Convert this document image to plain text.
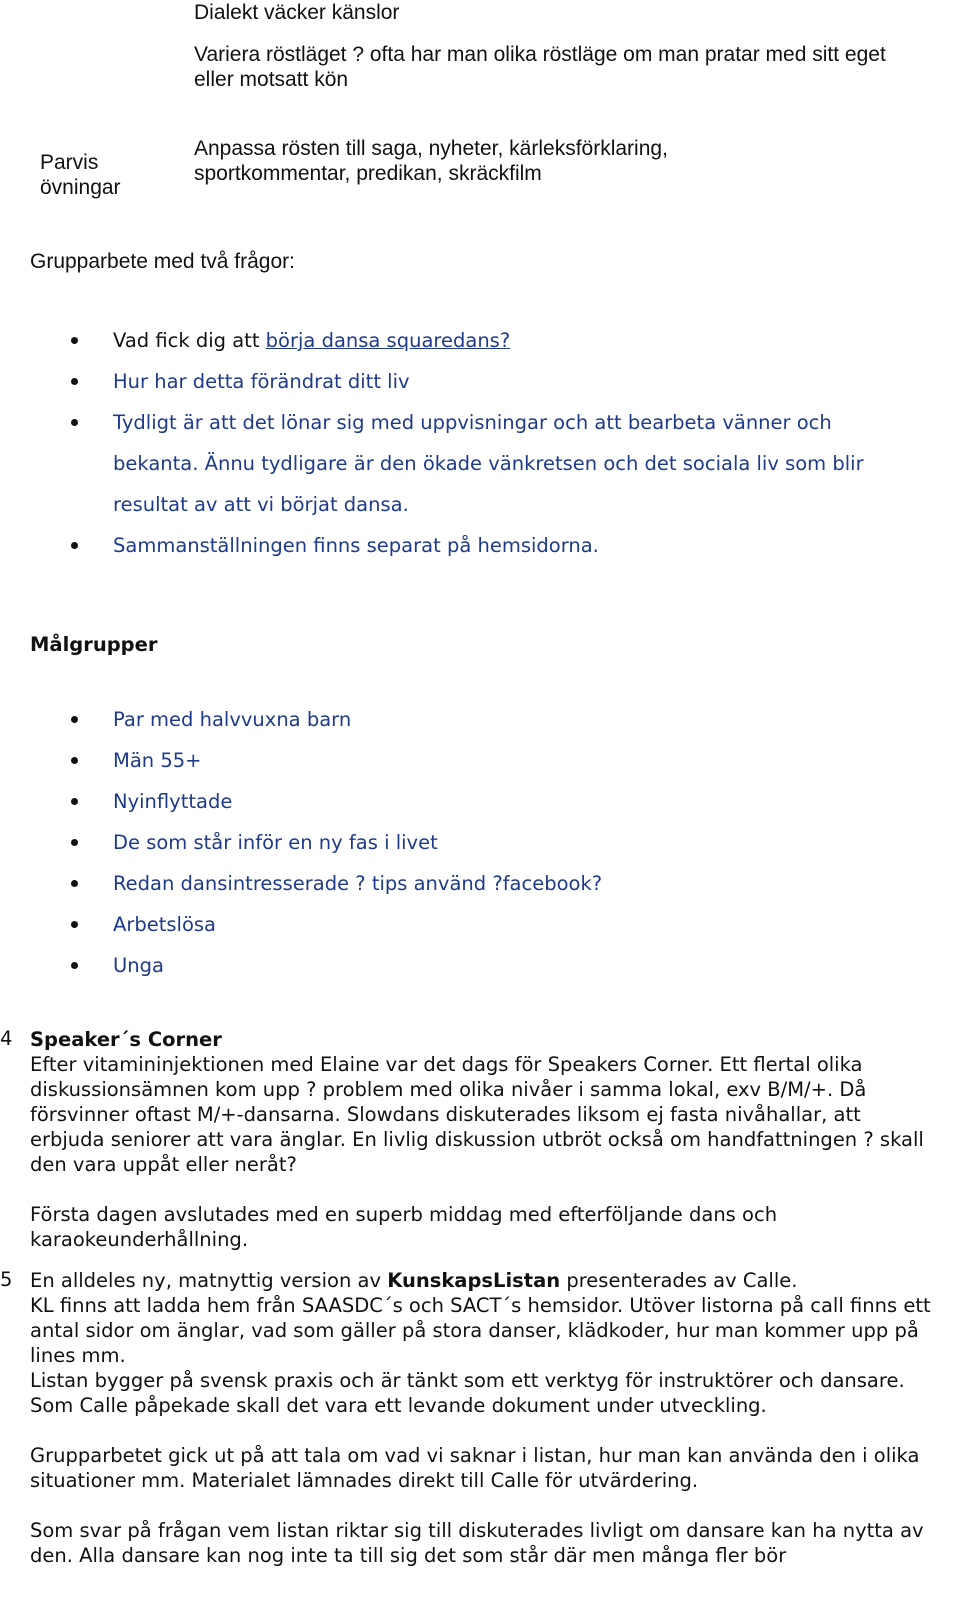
Dialekt väcker känslor
Variera röstläget ? ofta har man olika röstläge om man pratar med sitt eget eller motsatt kön
Parvis övningar
Anpassa rösten till saga, nyheter, kärleksförklaring, sportkommentar, predikan, skräckfilm
Grupparbete med två frågor:
Vad fick dig att börja dansa squaredans?
Hur har detta förändrat ditt liv
Tydligt är att det lönar sig med uppvisningar och att bearbeta vänner och bekanta. Ännu tydligare är den ökade vänkretsen och det sociala liv som blir resultat av att vi börjat dansa.
Sammanställningen finns separat på hemsidorna.
Målgrupper
Par med halvvuxna barn
Män 55+
Nyinflyttade
De som står inför en ny fas i livet
Redan dansintresserade ? tips använd ?facebook?
Arbetslösa
Unga
4 Speaker´s Corner

Efter vitamininjektionen med Elaine var det dags för Speakers Corner. Ett flertal olika diskussionsämnen kom upp ? problem med olika nivåer i samma lokal, exv B/M/+. Då försvinner oftast M/+-dansarna. Slowdans diskuterades liksom ej fasta nivåhallar, att erbjuda seniorer att vara änglar. En livlig diskussion utbröt också om handfattningen ? skall den vara uppåt eller neråt?

Första dagen avslutades med en superb middag med efterföljande dans och karaokeunderhållning.

5 En alldeles ny, matnyttig version av KunskapsListan presenterades av Calle.

KL finns att ladda hem från SAASDC´s och SACT´s hemsidor. Utöver listorna på call finns ett antal sidor om änglar, vad som gäller på stora danser, klädkoder, hur man kommer upp på lines mm.

Listan bygger på svensk praxis och är tänkt som ett verktyg för instruktörer och dansare. Som Calle påpekade skall det vara ett levande dokument under utveckling.

Grupparbetet gick ut på att tala om vad vi saknar i listan, hur man kan använda den i olika situationer mm. Materialet lämnades direkt till Calle för utvärdering.

Som svar på frågan vem listan riktar sig till diskuterades livligt om dansare kan ha nytta av den. Alla dansare kan nog inte ta till sig det som står där men många fler bör
